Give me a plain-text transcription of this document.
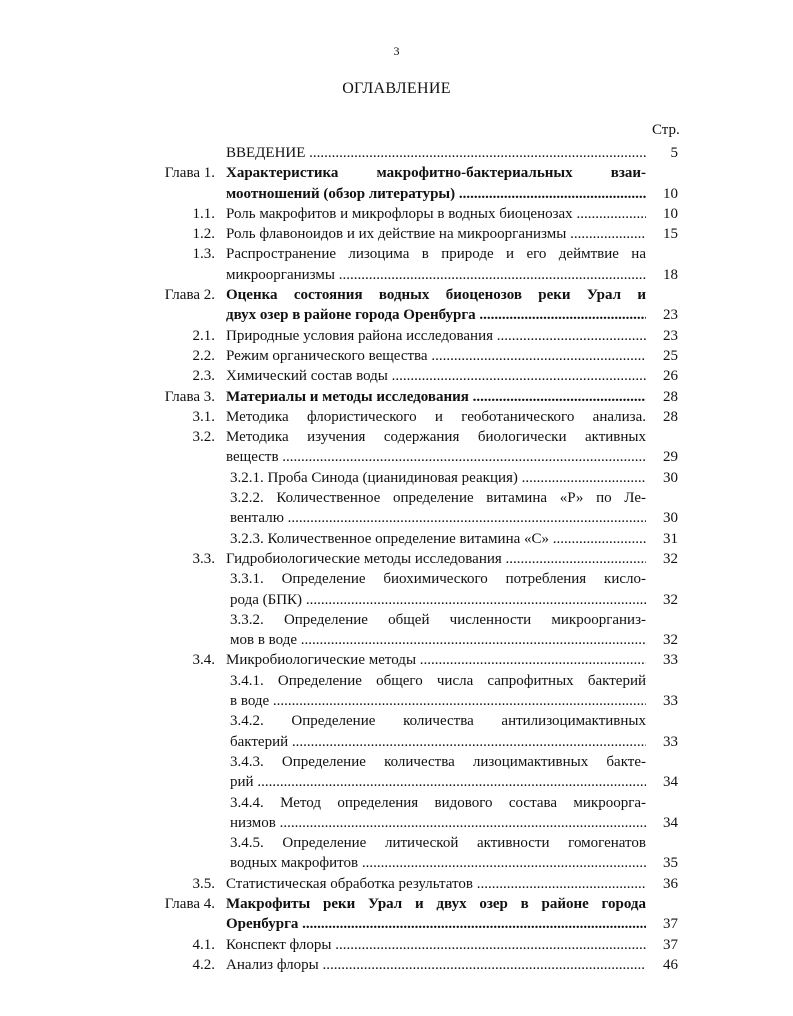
3
ОГЛАВЛЕНИЕ
Стр.
ВВЕДЕНИЕ .....	5
Глава 1. Характеристика макрофитно-бактериальных взаи-
моотношений (обзор литературы) .....	10
1.1. Роль макрофитов и микрофлоры в водных биоценозах .....	10
1.2. Роль флавоноидов и их действие на микроорганизмы .....	15
1.3. Распространение лизоцима в природе и его деймтвие на
микроорганизмы .....	18
Глава 2. Оценка состояния водных биоценозов реки Урал и
двух озер в районе города Оренбурга .....	23
2.1. Природные условия района исследования .....	23
2.2. Режим органического вещества .....	25
2.3. Химический состав воды .....	26
Глава 3. Материалы и методы исследования .....	28
3.1. Методика флористического и геоботанического анализа.	28
3.2. Методика изучения содержания биологически активных
веществ .....	29
3.2.1. Проба Синода (цианидиновая реакция) .....	30
3.2.2. Количественное определение витамина «Р» по Ле-
венталю .....	30
3.2.3. Количественное определение витамина «С» .....	31
3.3. Гидробиологические методы исследования .....	32
3.3.1. Определение биохимического потребления кисло-
рода (БПК) .....	32
3.3.2. Определение общей численности микроорганиз-
мов в воде .....	32
3.4. Микробиологические методы .....	33
3.4.1. Определение общего числа сапрофитных бактерий
в воде .....	33
3.4.2. Определение количества антилизоцимактивных
бактерий .....	33
3.4.3. Определение количества лизоцимактивных бакте-
рий .....	34
3.4.4. Метод определения видового состава микроорга-
низмов .....	34
3.4.5. Определение литической активности гомогенатов
водных макрофитов .....	35
3.5. Статистическая обработка результатов .....	36
Глава 4. Макрофиты реки Урал и двух озер в районе города
Оренбурга .....	37
4.1. Конспект флоры .....	37
4.2. Анализ флоры .....	46
